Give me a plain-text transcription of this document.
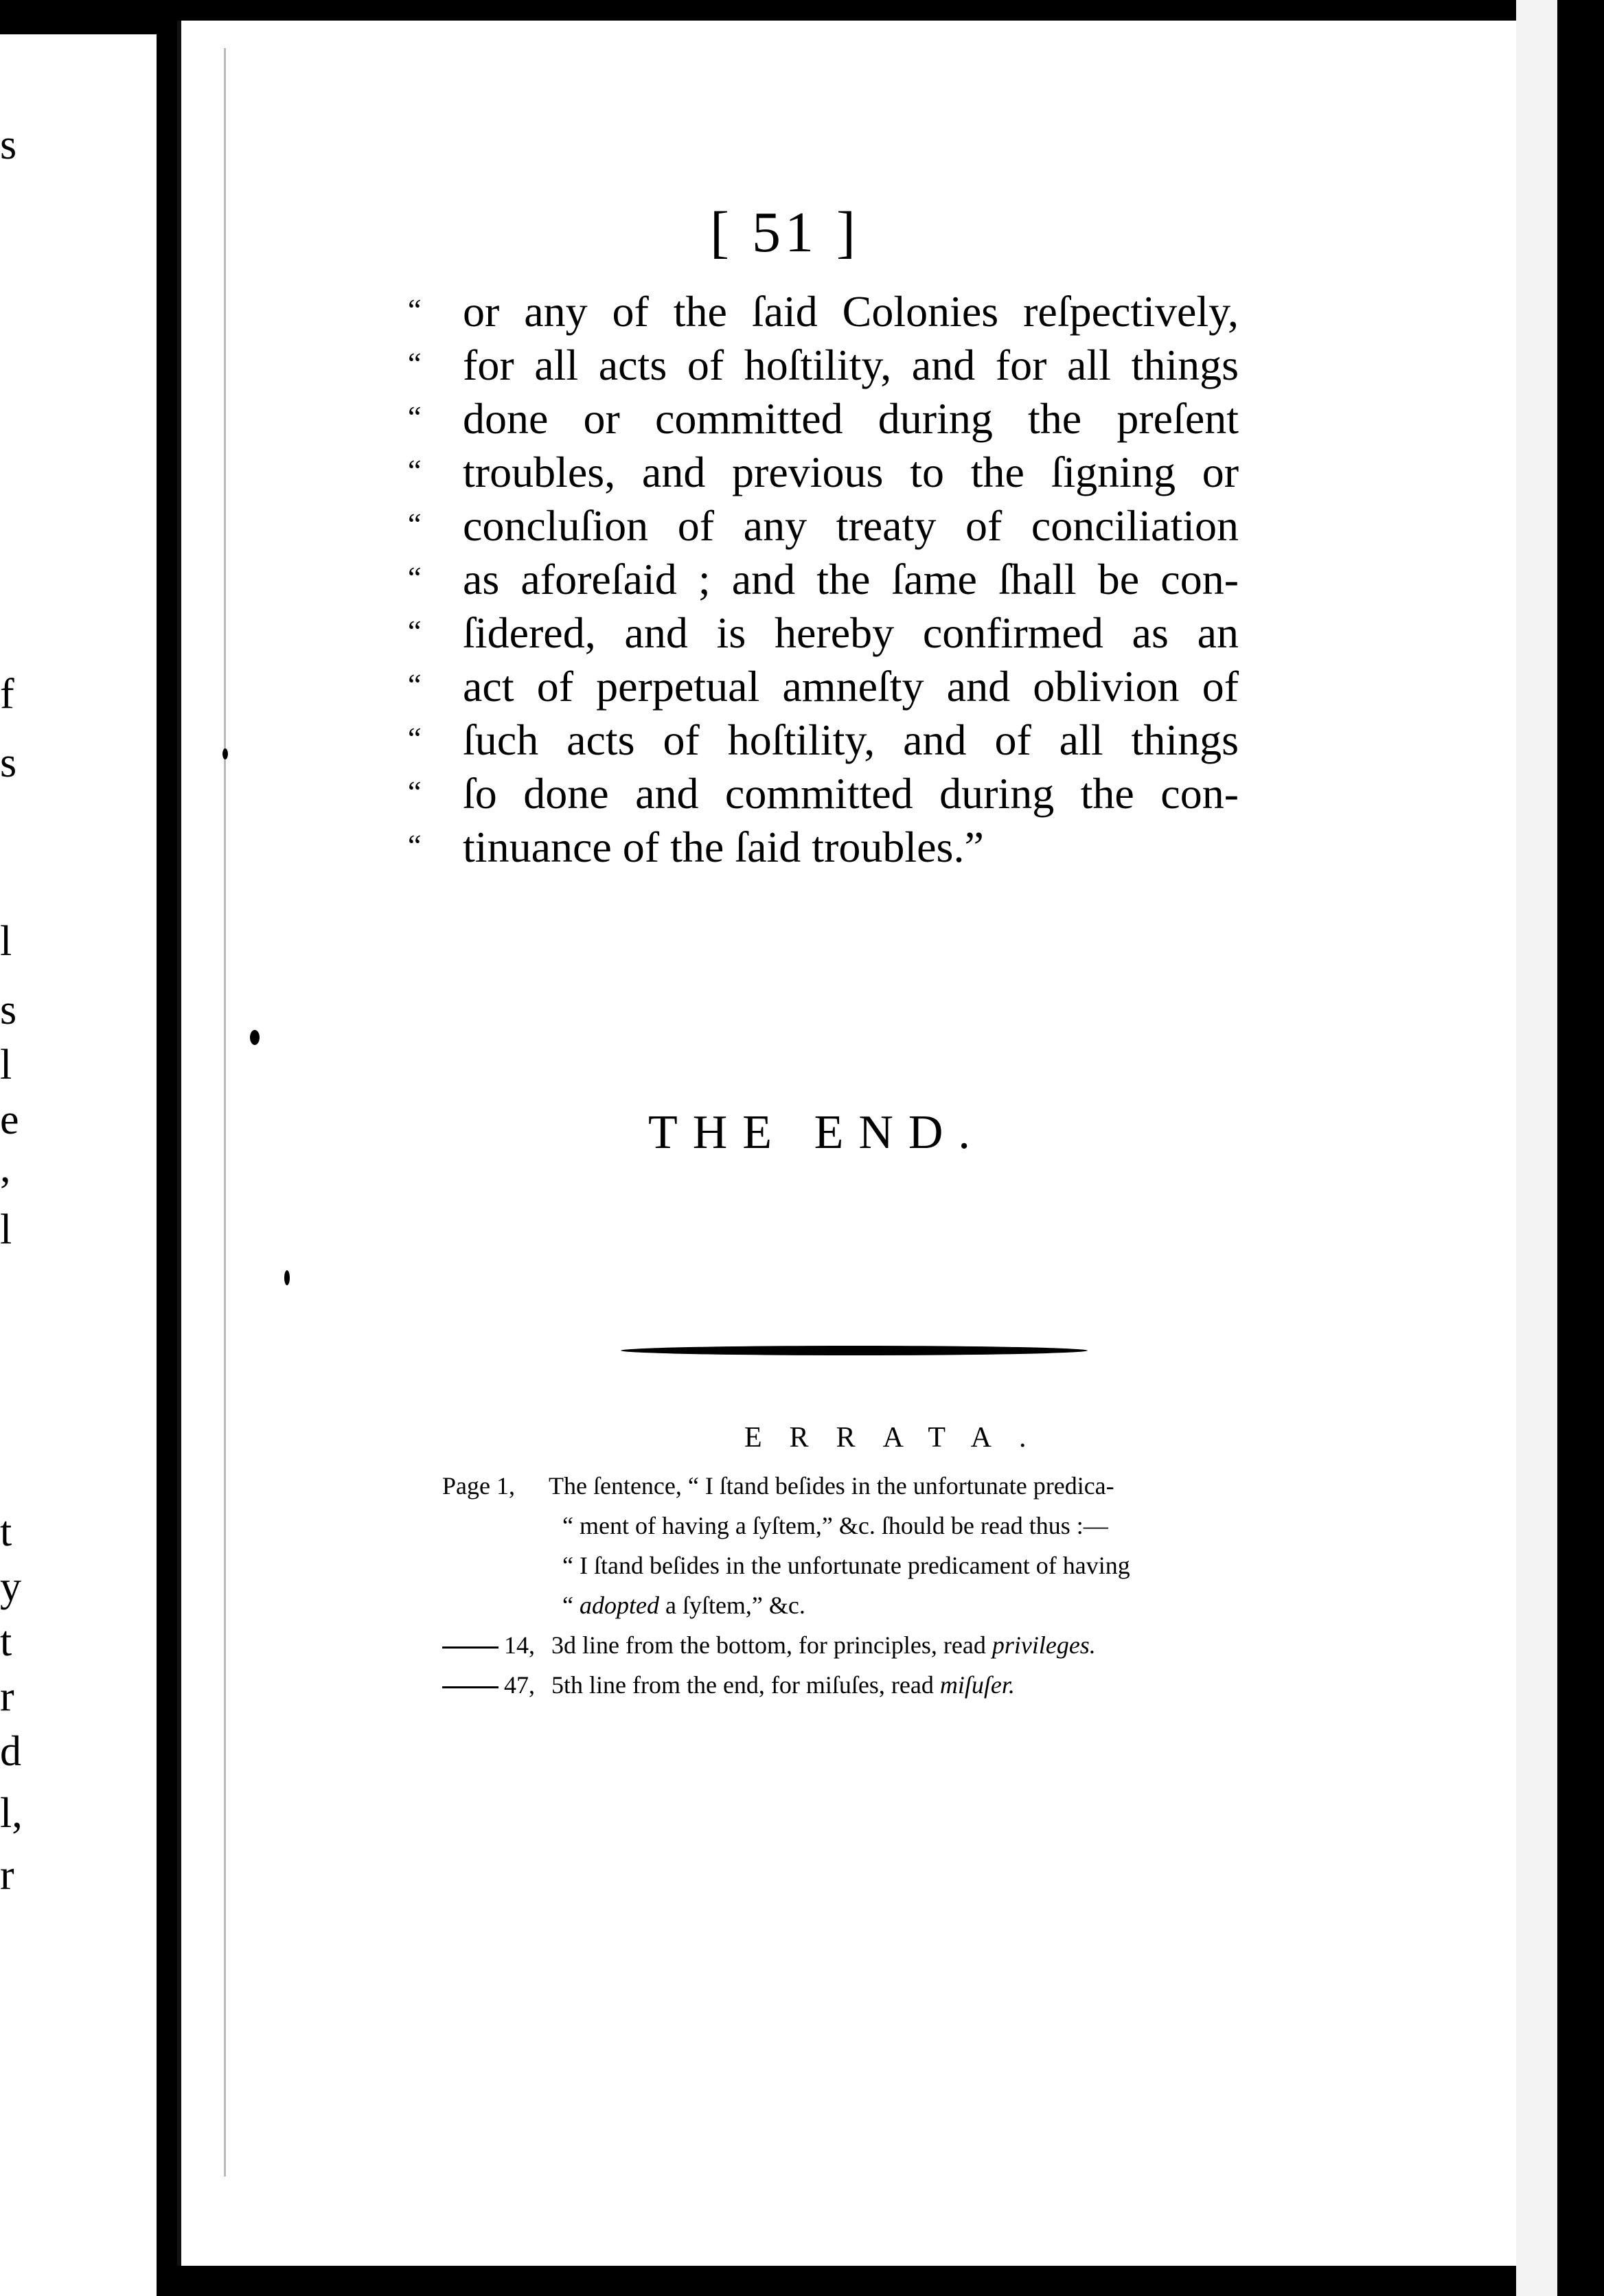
s
f
s
l
s
l
e
,
l
t
y
t
r
d
l,
r
[ 51 ]
“ or any of the ſaid Colonies reſpectively,
“ for all acts of hoſtility, and for all things
“ done or committed during the preſent
“ troubles, and previous to the ſigning or
“ concluſion of any treaty of conciliation
“ as aforeſaid ; and the ſame ſhall be con-
“ ſidered, and is hereby confirmed as an
“ act of perpetual amneſty and oblivion of
“ ſuch acts of hoſtility, and of all things
“ ſo done and committed during the con-
“ tinuance of the ſaid troubles.”
THE END.
ERRATA.
Page 1, The ſentence, “ I ſtand beſides in the unfortunate predica-
“ ment of having a ſyſtem,” &c. ſhould be read thus :—
“ I ſtand beſides in the unfortunate predicament of having
“ adopted a ſyſtem,” &c.
14, 3d line from the bottom, for principles, read privileges.
47, 5th line from the end, for miſuſes, read miſuſer.
